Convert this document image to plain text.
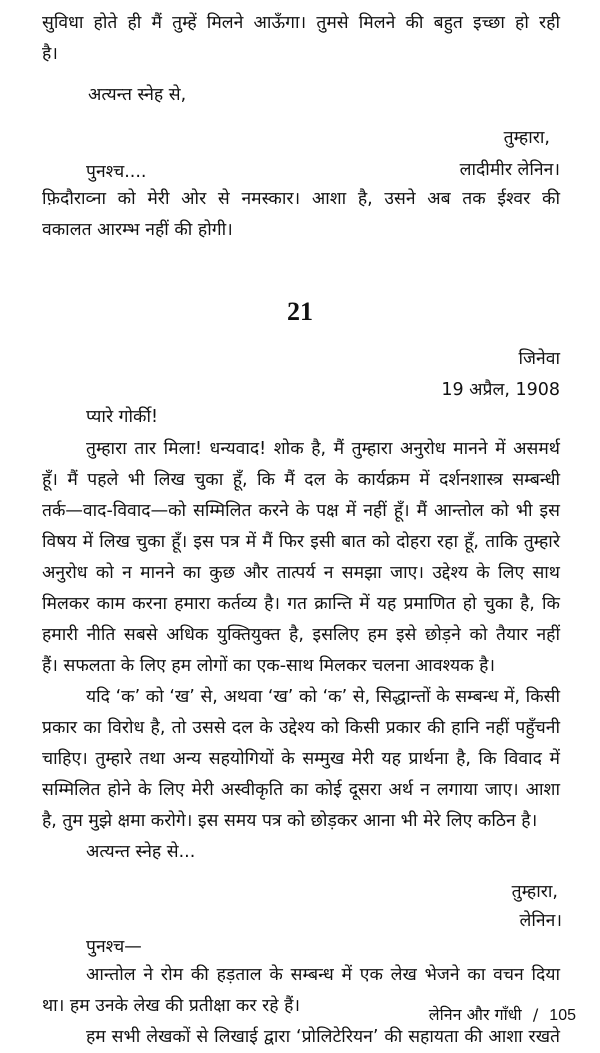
सुविधा होते ही मैं तुम्हें मिलने आऊँगा। तुमसे मिलने की बहुत इच्छा हो रही

है।

अत्यन्त स्नेह से,

तुम्हारा,

लादीमीर लेनिन।

पुनश्च....

फ़िदौराव्ना को मेरी ओर से नमस्कार। आशा है, उसने अब तक ईश्वर की

वकालत आरम्भ नहीं की होगी।

21

जिनेवा

19 अप्रैल, 1908

प्यारे गोर्की!

तुम्हारा तार मिला! धन्यवाद! शोक है, मैं तुम्हारा अनुरोध मानने में असमर्थ

हूँ। मैं पहले भी लिख चुका हूँ, कि मैं दल के कार्यक्रम में दर्शनशास्त्र सम्बन्धी

तर्क—वाद-विवाद—को सम्मिलित करने के पक्ष में नहीं हूँ। मैं आन्तोल को भी इस

विषय में लिख चुका हूँ। इस पत्र में मैं फिर इसी बात को दोहरा रहा हूँ, ताकि तुम्हारे

अनुरोध को न मानने का कुछ और तात्पर्य न समझा जाए। उद्देश्य के लिए साथ

मिलकर काम करना हमारा कर्तव्य है। गत क्रान्ति में यह प्रमाणित हो चुका है, कि

हमारी नीति सबसे अधिक युक्तियुक्त है, इसलिए हम इसे छोड़ने को तैयार नहीं

हैं। सफलता के लिए हम लोगों का एक-साथ मिलकर चलना आवश्यक है।

यदि ‘क’ को ‘ख’ से, अथवा ‘ख’ को ‘क’ से, सिद्धान्तों के सम्बन्ध में, किसी

प्रकार का विरोध है, तो उससे दल के उद्देश्य को किसी प्रकार की हानि नहीं पहुँचनी

चाहिए। तुम्हारे तथा अन्य सहयोगियों के सम्मुख मेरी यह प्रार्थना है, कि विवाद में

सम्मिलित होने के लिए मेरी अस्वीकृति का कोई दूसरा अर्थ न लगाया जाए। आशा

है, तुम मुझे क्षमा करोगे। इस समय पत्र को छोड़कर आना भी मेरे लिए कठिन है।

अत्यन्त स्नेह से...

तुम्हारा,

लेनिन।

पुनश्च—

आन्तोल ने रोम की हड़ताल के सम्बन्ध में एक लेख भेजने का वचन दिया

था। हम उनके लेख की प्रतीक्षा कर रहे हैं।

हम सभी लेखकों से लिखाई द्वारा ‘प्रोलिटेरियन’ की सहायता की आशा रखते

लेनिन और गाँधी / 105
